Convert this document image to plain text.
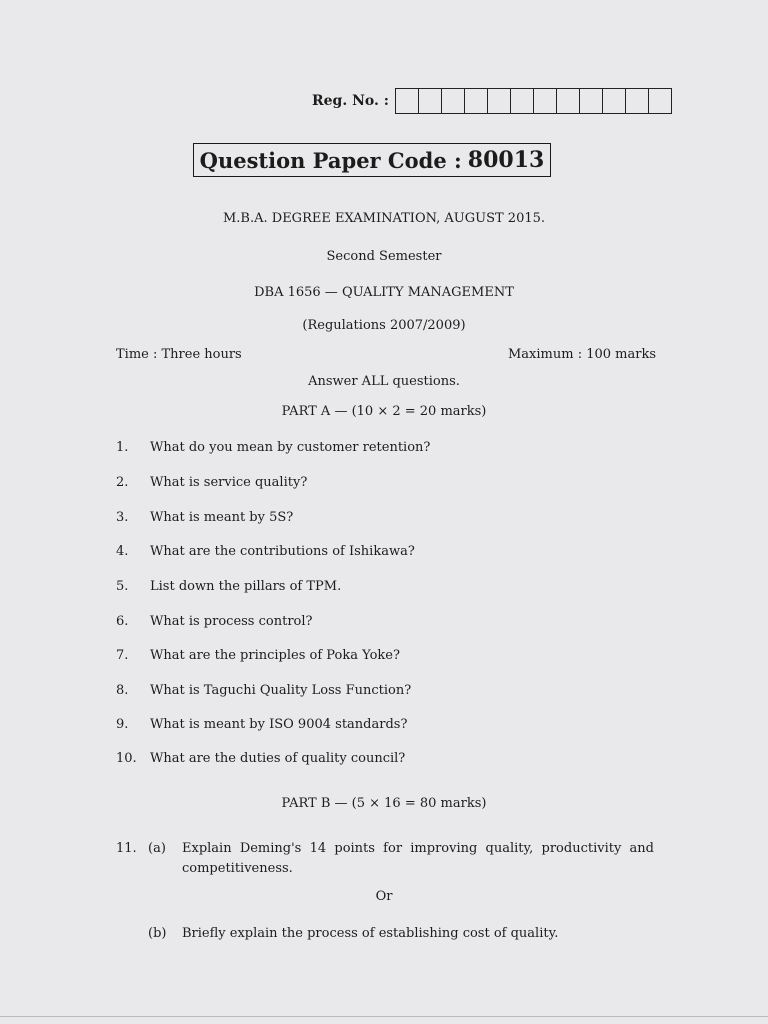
Reg. No. :
Question Paper Code : 80013
M.B.A. DEGREE EXAMINATION, AUGUST 2015.
Second Semester
DBA 1656 — QUALITY MANAGEMENT
(Regulations 2007/2009)
Time : Three hours	Maximum : 100 marks
Answer ALL questions.
PART A — (10 × 2 = 20 marks)
1.	What do you mean by customer retention?
2.	What is service quality?
3.	What is meant by 5S?
4.	What are the contributions of Ishikawa?
5.	List down the pillars of TPM.
6.	What is process control?
7.	What are the principles of Poka Yoke?
8.	What is Taguchi Quality Loss Function?
9.	What is meant by ISO 9004 standards?
10.	What are the duties of quality council?
PART B — (5 × 16 = 80 marks)
11. (a)	Explain Deming's 14 points for improving quality, productivity and competitiveness.
Or
(b)	Briefly explain the process of establishing cost of quality.
